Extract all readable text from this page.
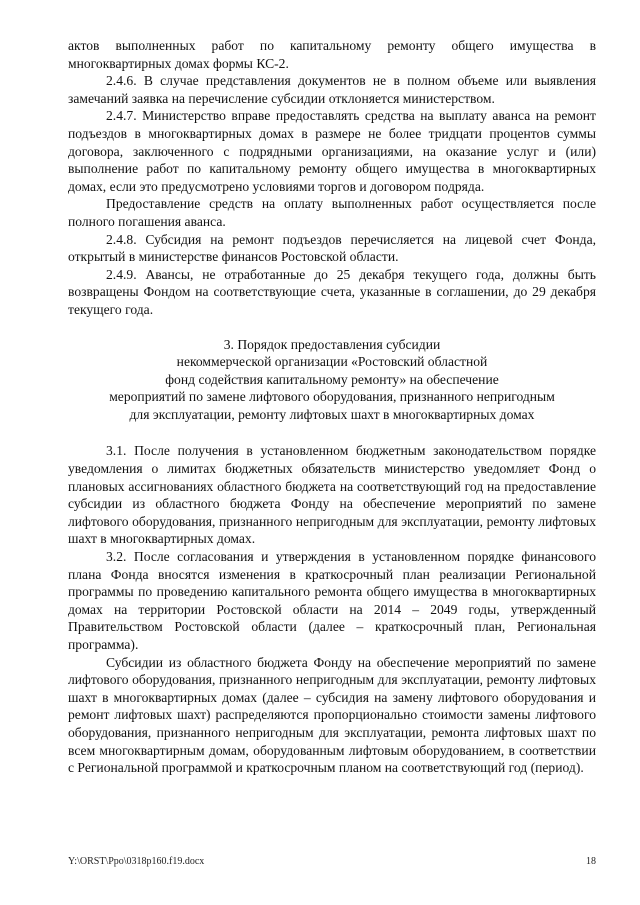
актов выполненных работ по капитальному ремонту общего имущества в многоквартирных домах формы КС-2.

2.4.6. В случае представления документов не в полном объеме или выявления замечаний заявка на перечисление субсидии отклоняется министерством.

2.4.7. Министерство вправе предоставлять средства на выплату аванса на ремонт подъездов в многоквартирных домах в размере не более тридцати процентов суммы договора, заключенного с подрядными организациями, на оказание услуг и (или) выполнение работ по капитальному ремонту общего имущества в многоквартирных домах, если это предусмотрено условиями торгов и договором подряда.

Предоставление средств на оплату выполненных работ осуществляется после полного погашения аванса.

2.4.8. Субсидия на ремонт подъездов перечисляется на лицевой счет Фонда, открытый в министерстве финансов Ростовской области.

2.4.9. Авансы, не отработанные до 25 декабря текущего года, должны быть возвращены Фондом на соответствующие счета, указанные в соглашении, до 29 декабря текущего года.

3. Порядок предоставления субсидии
некоммерческой организации «Ростовский областной
фонд содействия капитальному ремонту» на обеспечение
мероприятий по замене лифтового оборудования, признанного непригодным
для эксплуатации, ремонту лифтовых шахт в многоквартирных домах

3.1. После получения в установленном бюджетным законодательством порядке уведомления о лимитах бюджетных обязательств министерство уведомляет Фонд о плановых ассигнованиях областного бюджета на соответствующий год на предоставление субсидии из областного бюджета Фонду на обеспечение мероприятий по замене лифтового оборудования, признанного непригодным для эксплуатации, ремонту лифтовых шахт в многоквартирных домах.

3.2. После согласования и утверждения в установленном порядке финансового плана Фонда вносятся изменения в краткосрочный план реализации Региональной программы по проведению капитального ремонта общего имущества в многоквартирных домах на территории Ростовской области на 2014 – 2049 годы, утвержденный Правительством Ростовской области (далее – краткосрочный план, Региональная программа).

Субсидии из областного бюджета Фонду на обеспечение мероприятий по замене лифтового оборудования, признанного непригодным для эксплуатации, ремонту лифтовых шахт в многоквартирных домах (далее – субсидия на замену лифтового оборудования и ремонт лифтовых шахт) распределяются пропорционально стоимости замены лифтового оборудования, признанного непригодным для эксплуатации, ремонта лифтовых шахт по всем многоквартирным домам, оборудованным лифтовым оборудованием, в соответствии с Региональной программой и краткосрочным планом на соответствующий год (период).

Y:\ORST\Ppo\0318p160.f19.docx	18
